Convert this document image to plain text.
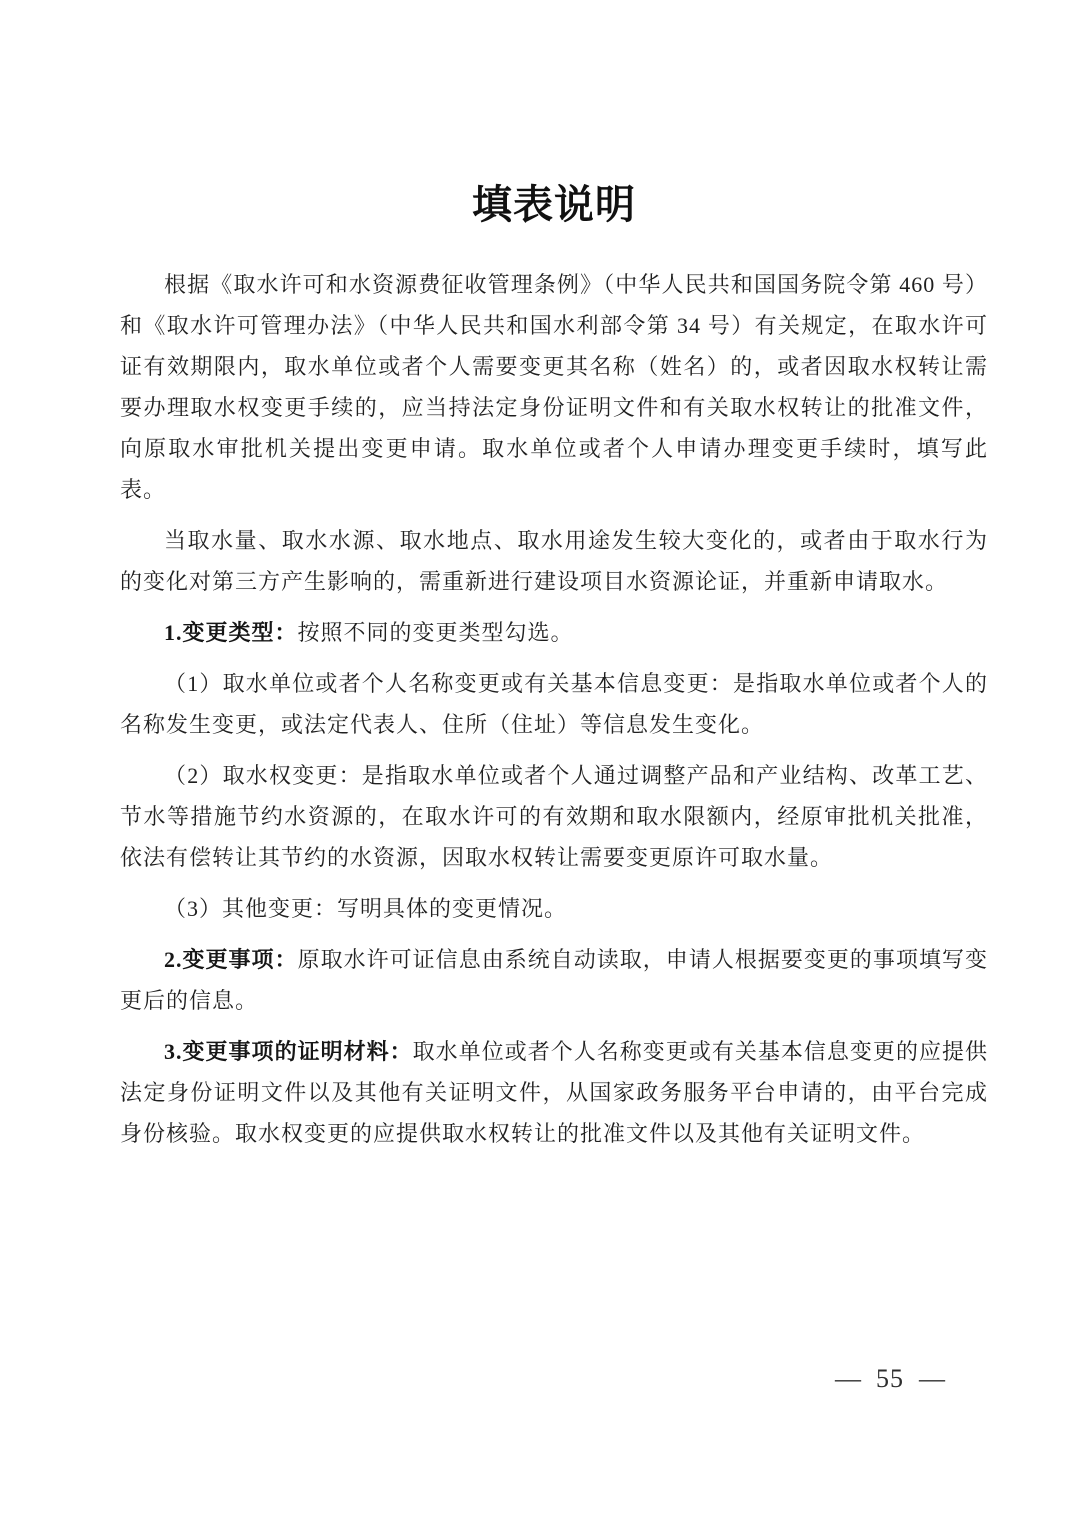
填表说明

根据《取水许可和水资源费征收管理条例》（中华人民共和国国务院令第 460 号）和《取水许可管理办法》（中华人民共和国水利部令第 34 号）有关规定，在取水许可证有效期限内，取水单位或者个人需要变更其名称（姓名）的，或者因取水权转让需要办理取水权变更手续的，应当持法定身份证明文件和有关取水权转让的批准文件，向原取水审批机关提出变更申请。取水单位或者个人申请办理变更手续时，填写此表。

当取水量、取水水源、取水地点、取水用途发生较大变化的，或者由于取水行为的变化对第三方产生影响的，需重新进行建设项目水资源论证，并重新申请取水。

1.变更类型：按照不同的变更类型勾选。

（1）取水单位或者个人名称变更或有关基本信息变更：是指取水单位或者个人的名称发生变更，或法定代表人、住所（住址）等信息发生变化。

（2）取水权变更：是指取水单位或者个人通过调整产品和产业结构、改革工艺、节水等措施节约水资源的，在取水许可的有效期和取水限额内，经原审批机关批准，依法有偿转让其节约的水资源，因取水权转让需要变更原许可取水量。

（3）其他变更：写明具体的变更情况。

2.变更事项：原取水许可证信息由系统自动读取，申请人根据要变更的事项填写变更后的信息。

3.变更事项的证明材料：取水单位或者个人名称变更或有关基本信息变更的应提供法定身份证明文件以及其他有关证明文件，从国家政务服务平台申请的，由平台完成身份核验。取水权变更的应提供取水权转让的批准文件以及其他有关证明文件。

— 55 —
